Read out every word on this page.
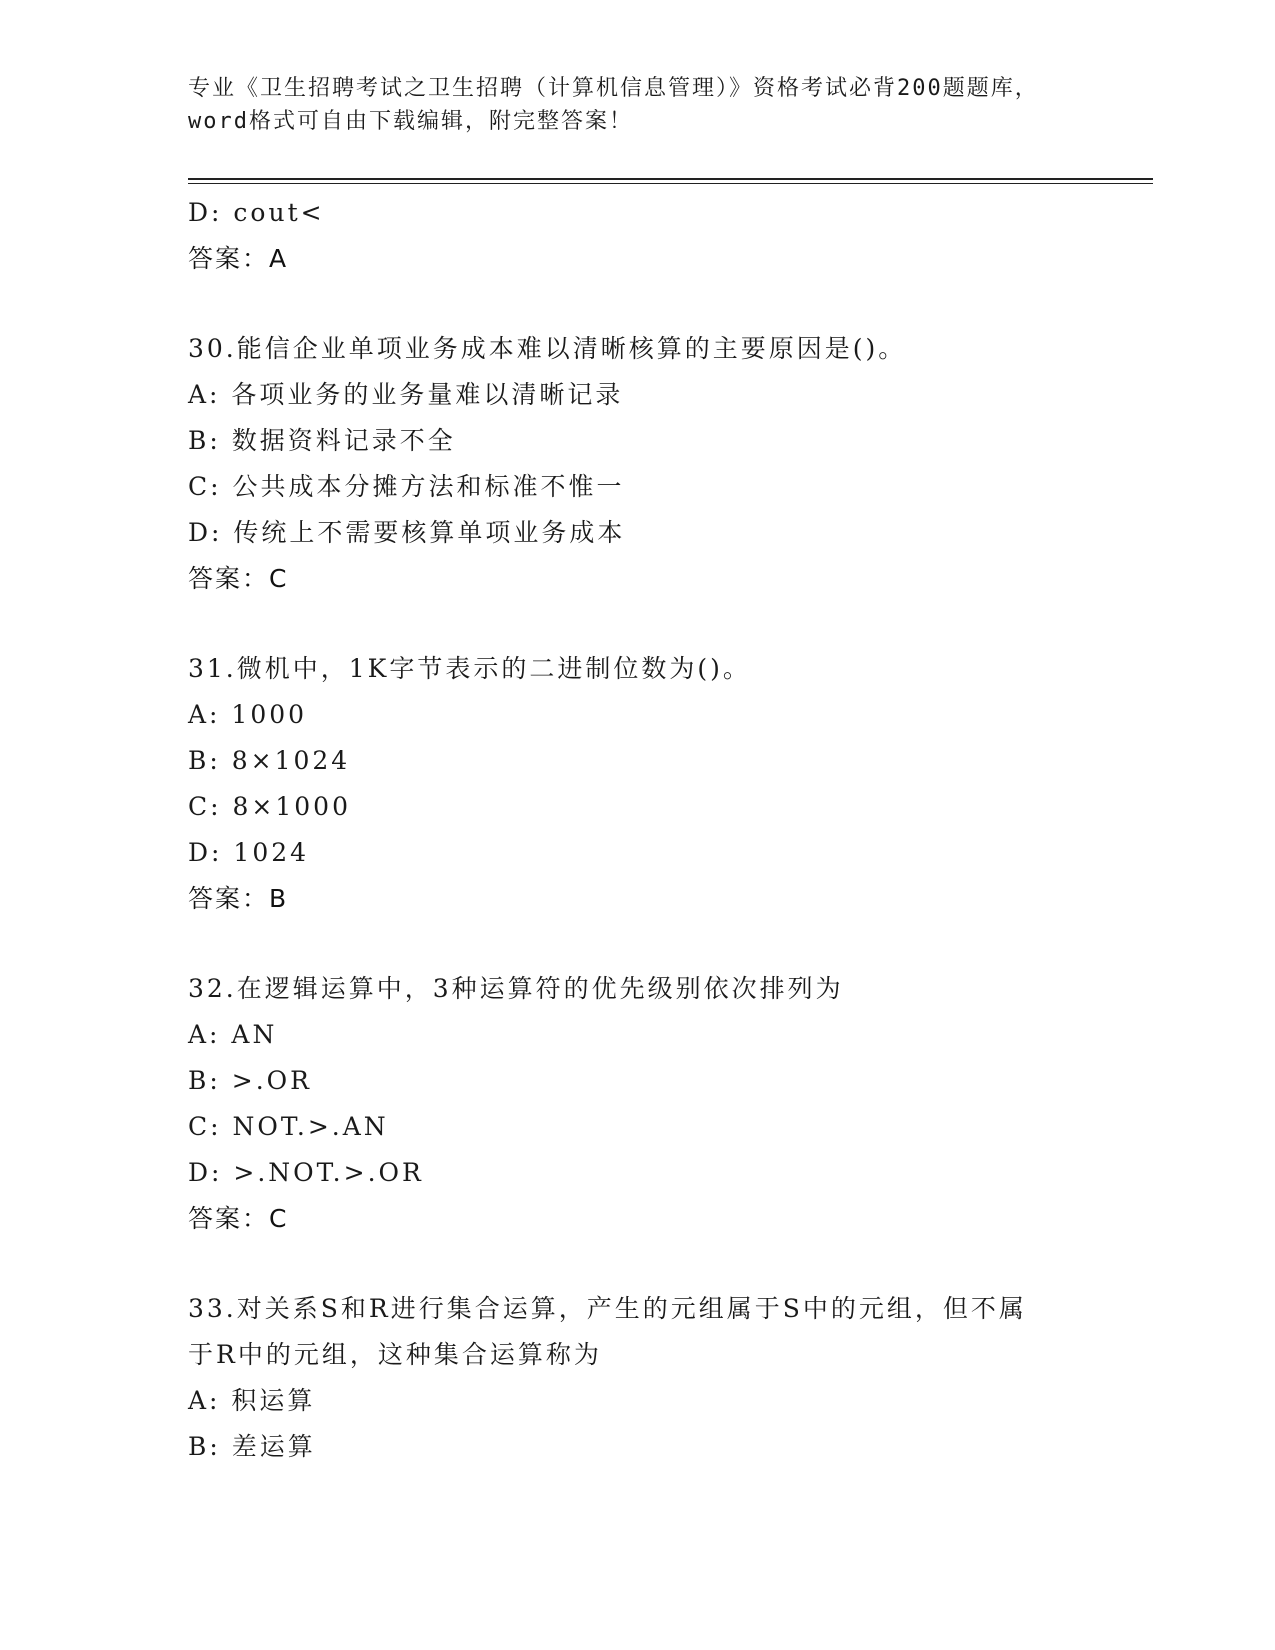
专业《卫生招聘考试之卫生招聘（计算机信息管理）》资格考试必背200题题库，
word格式可自由下载编辑，附完整答案！
D: cout<
答案：A
30.能信企业单项业务成本难以清晰核算的主要原因是()。
A: 各项业务的业务量难以清晰记录
B: 数据资料记录不全
C: 公共成本分摊方法和标准不惟一
D: 传统上不需要核算单项业务成本
答案：C
31.微机中，1K字节表示的二进制位数为()。
A: 1000
B: 8×1024
C: 8×1000
D: 1024
答案：B
32.在逻辑运算中，3种运算符的优先级别依次排列为
A: AN
B: >.OR
C: NOT.>.AN
D: >.NOT.>.OR
答案：C
33.对关系S和R进行集合运算，产生的元组属于S中的元组，但不属
于R中的元组，这种集合运算称为
A: 积运算
B: 差运算
